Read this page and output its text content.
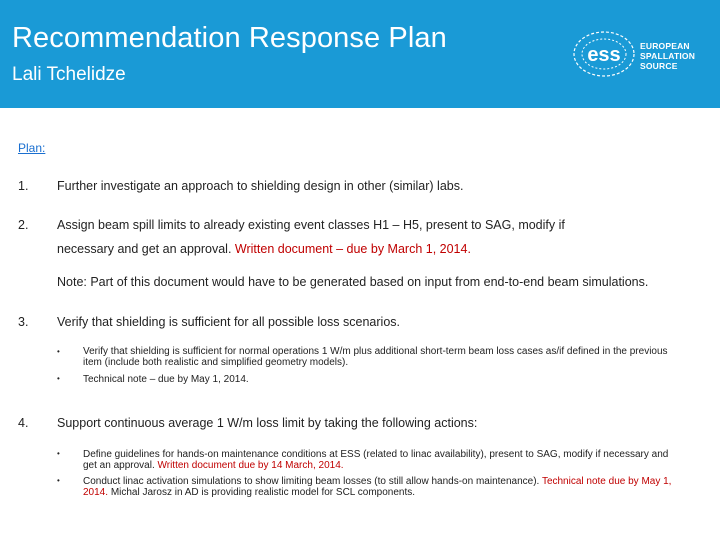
Recommendation Response Plan
Lali Tchelidze
ess EUROPEAN
SPALLATION
SOURCE
Plan:
1. Further investigate an approach to shielding design in other (similar) labs.
2. Assign beam spill limits to already existing event classes H1 – H5, present to SAG, modify if
necessary and get an approval. Written document – due by March 1, 2014.
Note: Part of this document would have to be generated based on input from end-to-end beam simulations.
3. Verify that shielding is sufficient for all possible loss scenarios.
• Verify that shielding is sufficient for normal operations 1 W/m plus additional short-term beam loss cases as/if defined in the previous item (include both realistic and simplified geometry models).
• Technical note – due by May 1, 2014.
4. Support continuous average 1 W/m loss limit by taking the following actions:
• Define guidelines for hands-on maintenance conditions at ESS (related to linac availability), present to SAG, modify if necessary and get an approval. Written document due by 14 March, 2014.
• Conduct linac activation simulations to show limiting beam losses (to still allow hands-on maintenance). Technical note due by May 1, 2014. Michal Jarosz in AD is providing realistic model for SCL components.
